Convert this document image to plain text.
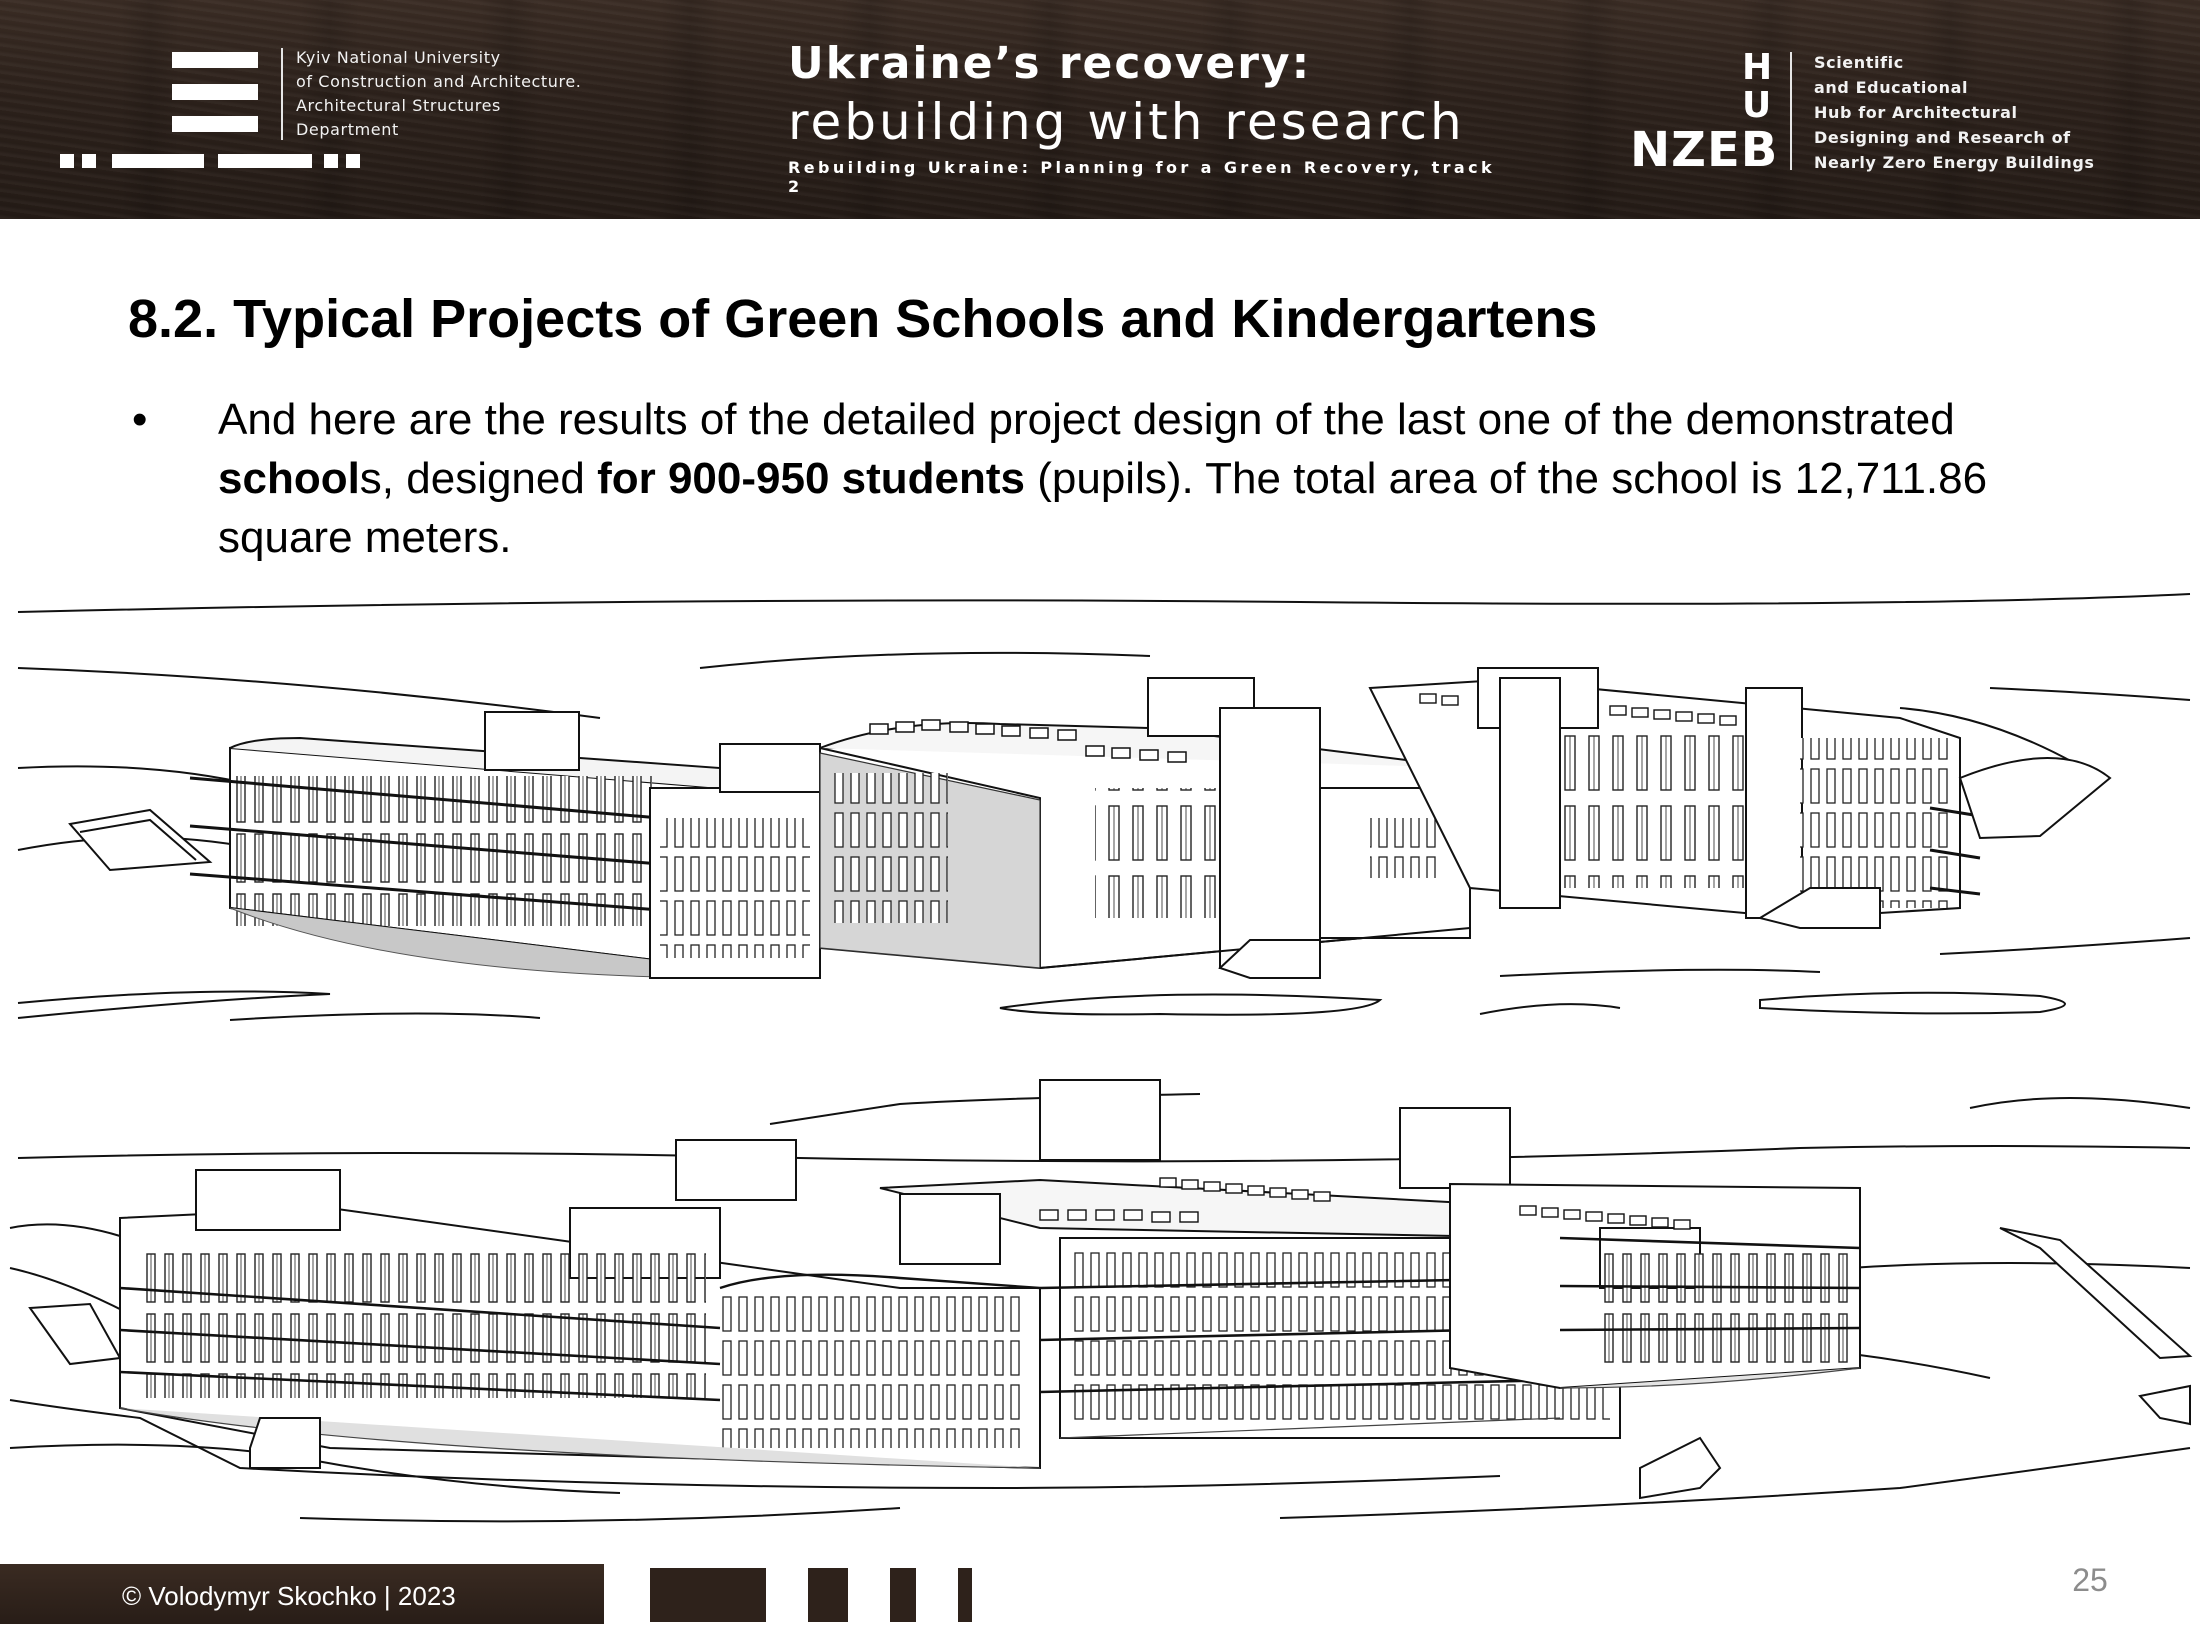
Kyiv National University
of Construction and Architecture.
Architectural Structures
Department
Ukraine’s recovery:
rebuilding with research
Rebuilding Ukraine: Planning for a Green Recovery, track 2
H
U
NZEB
Scientific
and Educational
Hub for Architectural
Designing and Research of
Nearly Zero Energy Buildings
8.2. Typical Projects of Green Schools and Kindergartens
• And here are the results of the detailed project design of the last one of the demonstrated schools, designed for 900-950 students (pupils). The total area of the school is 12,711.86 square meters.
© Volodymyr Skochko | 2023	25
